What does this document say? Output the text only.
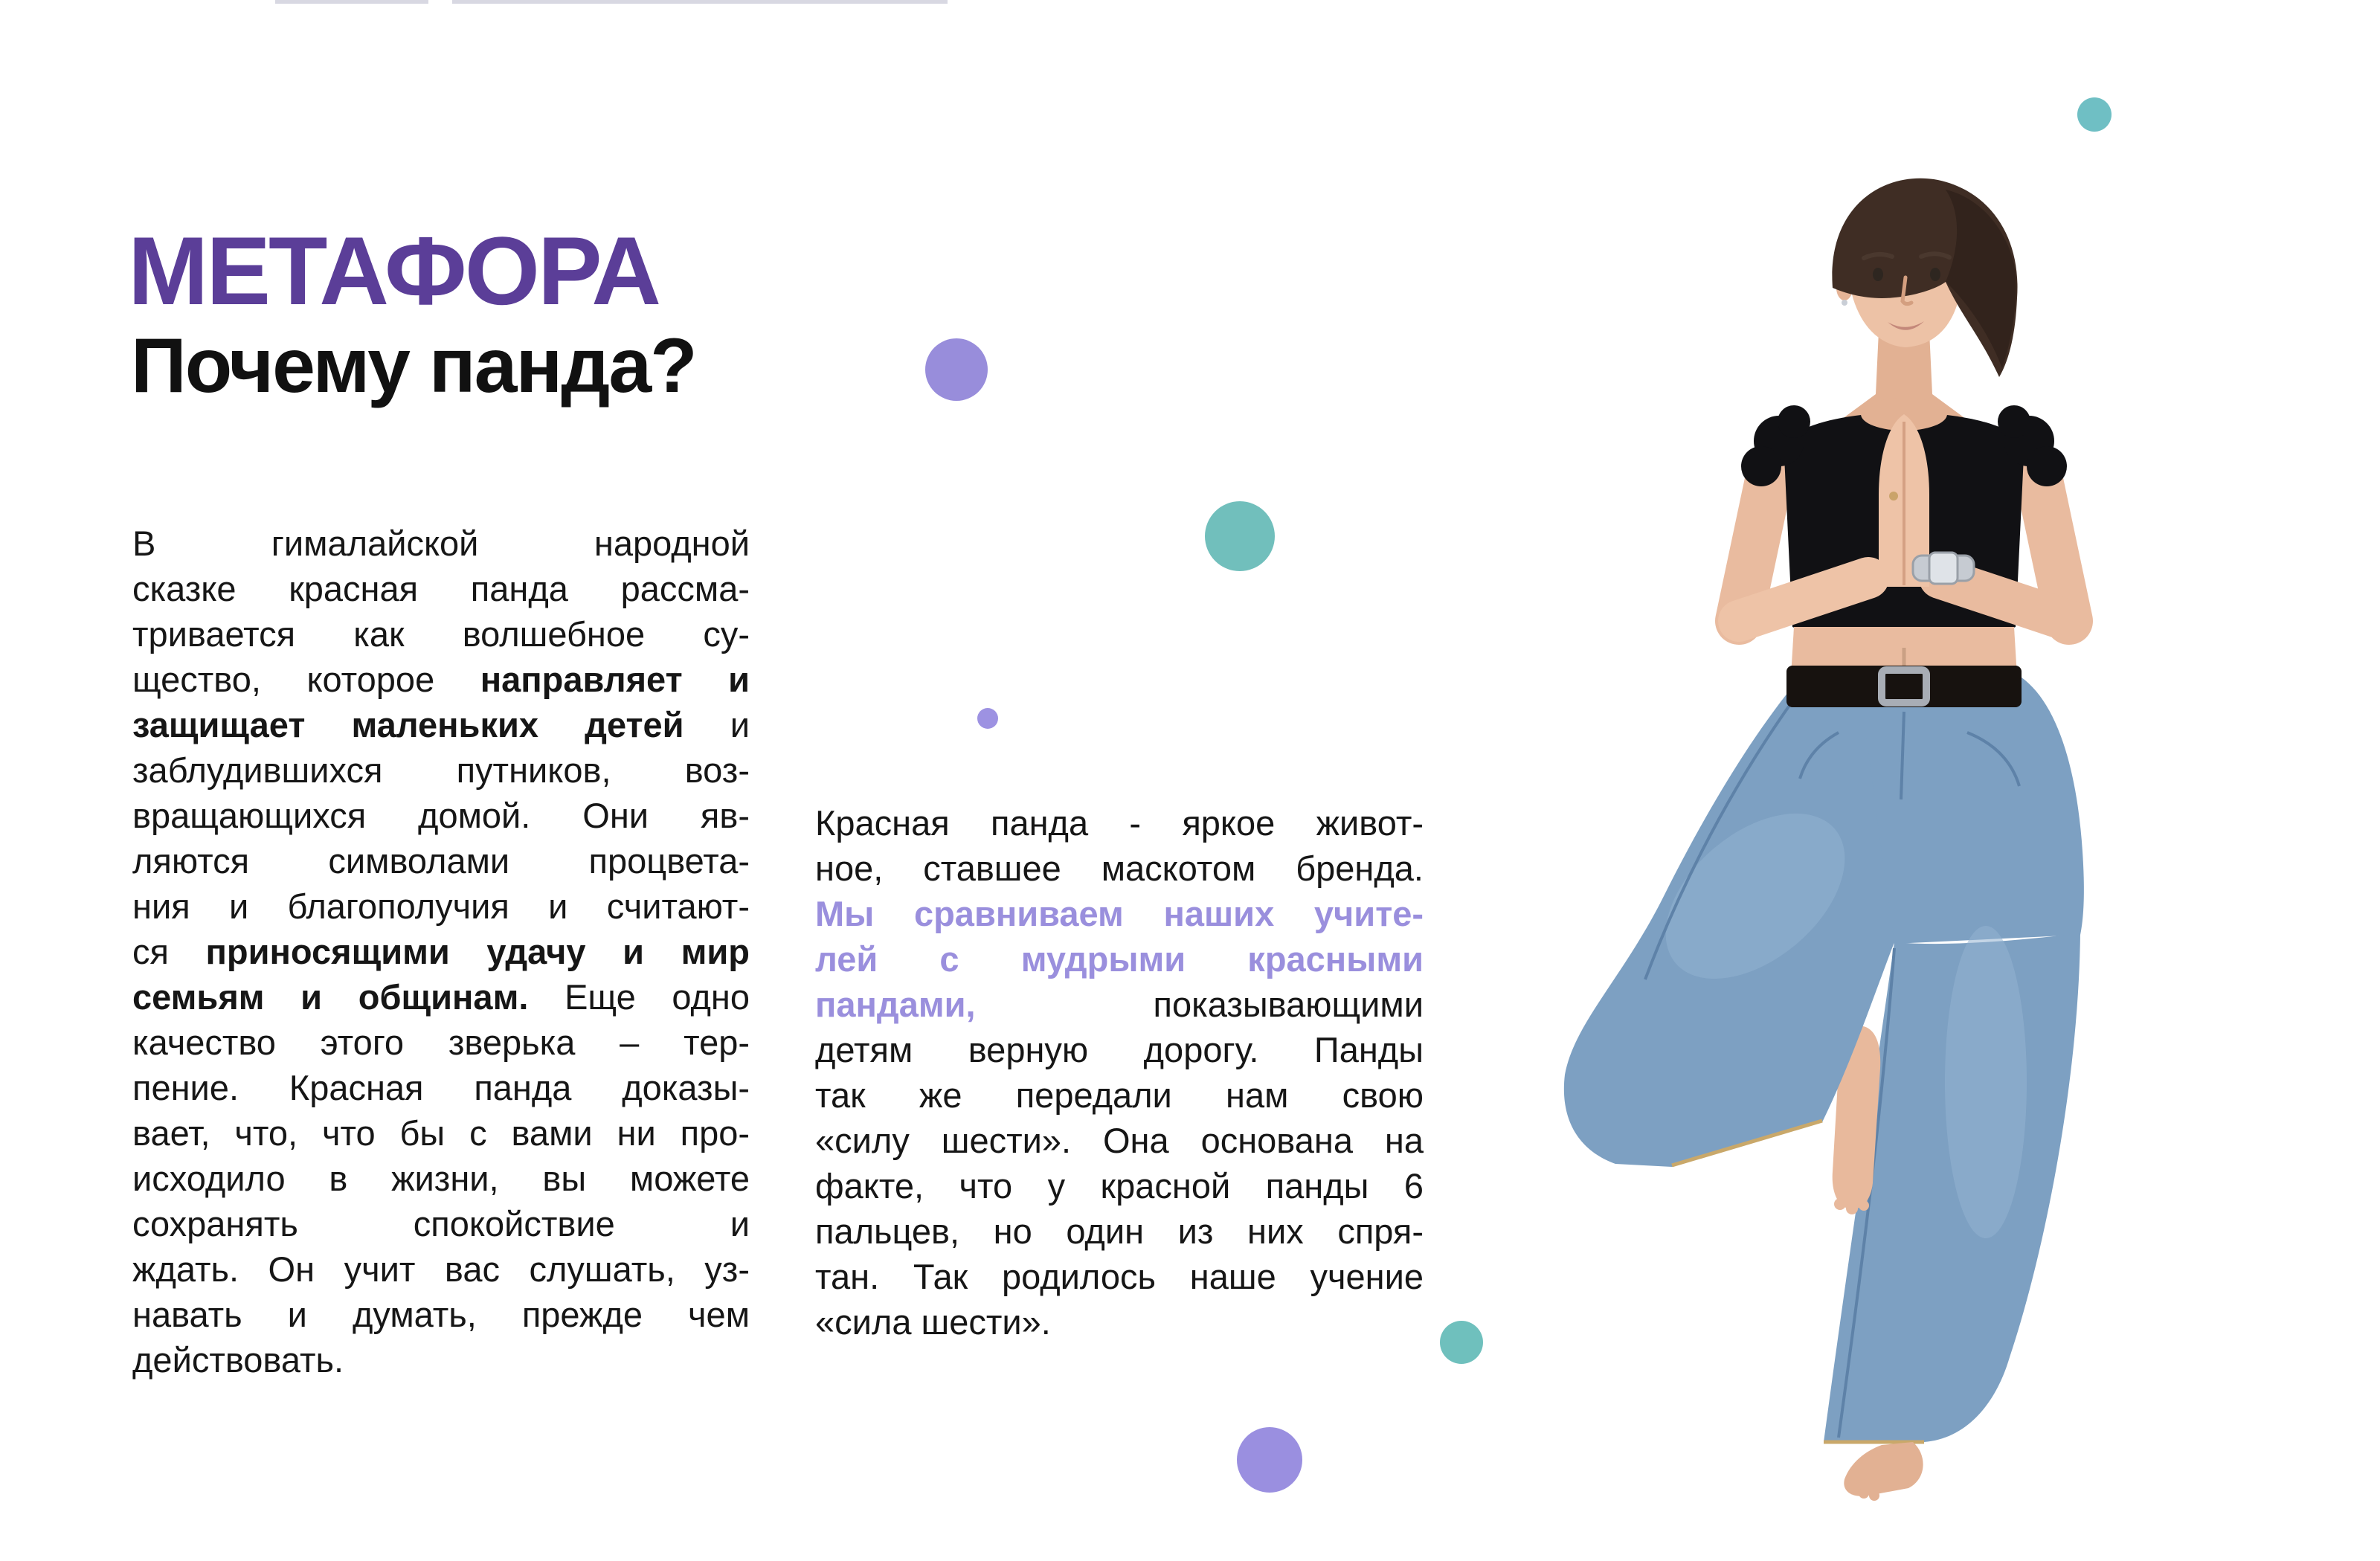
МЕТАФОРА
Почему панда?
В гималайской народной
сказке красная панда рассма-
тривается как волшебное су-
щество, которое направляет и
защищает маленьких детей и
заблудившихся путников, воз-
вращающихся домой. Они яв-
ляются символами процвета-
ния и благополучия и считают-
ся приносящими удачу и мир
семьям и общинам. Еще одно
качество этого зверька – тер-
пение. Красная панда доказы-
вает, что, что бы с вами ни про-
исходило в жизни, вы можете
сохранять спокойствие и
ждать. Он учит вас слушать, уз-
навать и думать, прежде чем
действовать.
Красная панда - яркое живот-
ное, ставшее маскотом бренда.
Мы сравниваем наших учите-
лей с мудрыми красными
пандами, показывающими
детям верную дорогу. Панды
так же передали нам свою
«силу шести». Она основана на
факте, что у красной панды 6
пальцев, но один из них спря-
тан. Так родилось наше учение
«сила шести».
